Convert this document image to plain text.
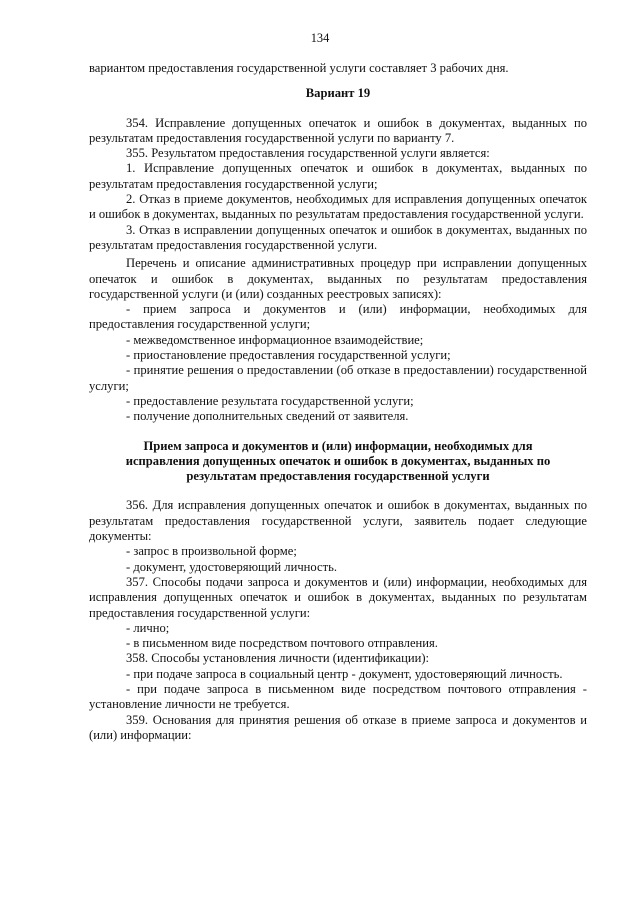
134

вариантом предоставления государственной услуги составляет 3 рабочих дня.

Вариант 19

354. Исправление допущенных опечаток и ошибок в документах, выданных по результатам предоставления государственной услуги по варианту 7.

355. Результатом предоставления государственной услуги является:

1. Исправление допущенных опечаток и ошибок в документах, выданных по результатам предоставления государственной услуги;

2. Отказ в приеме документов, необходимых для исправления допущенных опечаток и ошибок в документах, выданных по результатам предоставления государственной услуги.

3. Отказ в исправлении допущенных опечаток и ошибок в документах, выданных по результатам предоставления государственной услуги.

Перечень и описание административных процедур при исправлении допущенных опечаток и ошибок в документах, выданных по результатам предоставления государственной услуги (и (или) созданных реестровых записях):

- прием запроса и документов и (или) информации, необходимых для предоставления государственной услуги;

- межведомственное информационное взаимодействие;

- приостановление предоставления государственной услуги;

- принятие решения о предоставлении (об отказе в предоставлении) государственной услуги;

- предоставление результата государственной услуги;

- получение дополнительных сведений от заявителя.

Прием запроса и документов и (или) информации, необходимых для исправления допущенных опечаток и ошибок в документах, выданных по результатам предоставления государственной услуги

356. Для исправления допущенных опечаток и ошибок в документах, выданных по результатам предоставления государственной услуги, заявитель подает следующие документы:

- запрос в произвольной форме;

- документ, удостоверяющий личность.

357. Способы подачи запроса и документов и (или) информации, необходимых для исправления допущенных опечаток и ошибок в документах, выданных по результатам предоставления государственной услуги:

- лично;

- в письменном виде посредством почтового отправления.

358. Способы установления личности (идентификации):

- при подаче запроса в социальный центр - документ, удостоверяющий личность.

- при подаче запроса в письменном виде посредством почтового отправления - установление личности не требуется.

359. Основания для принятия решения об отказе в приеме запроса и документов и (или) информации:
